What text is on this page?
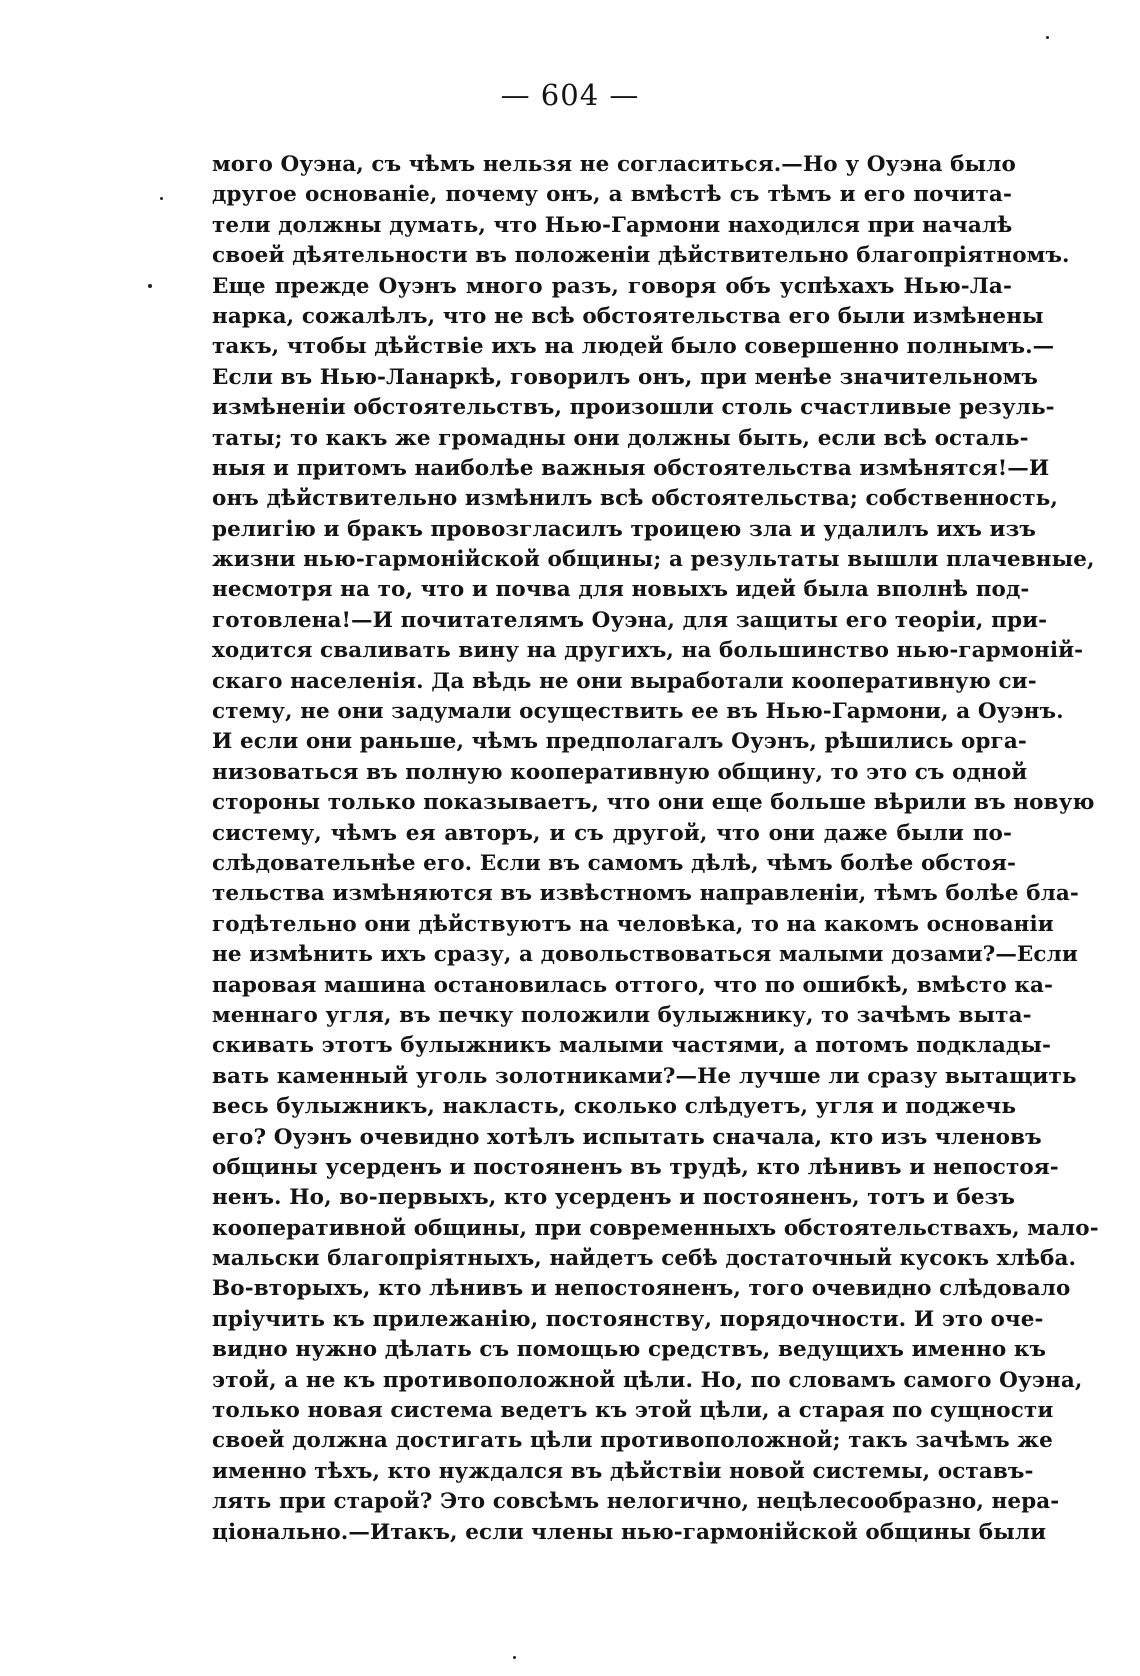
— 604 —
мого Оуэна, съ чѣмъ нельзя не согласиться.—Но у Оуэна было
другое основаніе, почему онъ, а вмѣстѣ съ тѣмъ и его почита-
тели должны думать, что Нью-Гармони находился при началѣ
своей дѣятельности въ положеніи дѣйствительно благопріятномъ.
Еще прежде Оуэнъ много разъ, говоря объ успѣхахъ Нью-Ла-
нарка, сожалѣлъ, что не всѣ обстоятельства его были измѣнены
такъ, чтобы дѣйствіе ихъ на людей было совершенно полнымъ.—
Если въ Нью-Ланаркѣ, говорилъ онъ, при менѣе значительномъ
измѣненіи обстоятельствъ, произошли столь счастливые резуль-
таты; то какъ же громадны они должны быть, если всѣ осталь-
ныя и притомъ наиболѣе важныя обстоятельства измѣнятся!—И
онъ дѣйствительно измѣнилъ всѣ обстоятельства; собственность,
религію и бракъ провозгласилъ троицею зла и удалилъ ихъ изъ
жизни нью-гармонійской общины; а результаты вышли плачевные,
несмотря на то, что и почва для новыхъ идей была вполнѣ под-
готовлена!—И почитателямъ Оуэна, для защиты его теоріи, при-
ходится сваливать вину на другихъ, на большинство нью-гармоній-
скаго населенія. Да вѣдь не они выработали кооперативную си-
стему, не они задумали осуществить ее въ Нью-Гармони, а Оуэнъ.
И если они раньше, чѣмъ предполагалъ Оуэнъ, рѣшились орга-
низоваться въ полную кооперативную общину, то это съ одной
стороны только показываетъ, что они еще больше вѣрили въ новую
систему, чѣмъ ея авторъ, и съ другой, что они даже были по-
слѣдовательнѣе его. Если въ самомъ дѣлѣ, чѣмъ болѣе обстоя-
тельства измѣняются въ извѣстномъ направленіи, тѣмъ болѣе бла-
годѣтельно они дѣйствуютъ на человѣка, то на какомъ основаніи
не измѣнить ихъ сразу, а довольствоваться малыми дозами?—Если
паровая машина остановилась оттого, что по ошибкѣ, вмѣсто ка-
меннаго угля, въ печку положили булыжнику, то зачѣмъ выта-
скивать этотъ булыжникъ малыми частями, а потомъ подклады-
вать каменный уголь золотниками?—Не лучше ли сразу вытащить
весь булыжникъ, накласть, сколько слѣдуетъ, угля и поджечь
его? Оуэнъ очевидно хотѣлъ испытать сначала, кто изъ членовъ
общины усерденъ и постояненъ въ трудѣ, кто лѣнивъ и непостоя-
ненъ. Но, во-первыхъ, кто усерденъ и постояненъ, тотъ и безъ
кооперативной общины, при современныхъ обстоятельствахъ, мало-
мальски благопріятныхъ, найдетъ себѣ достаточный кусокъ хлѣба.
Во-вторыхъ, кто лѣнивъ и непостояненъ, того очевидно слѣдовало
пріучить къ прилежанію, постоянству, порядочности. И это оче-
видно нужно дѣлать съ помощью средствъ, ведущихъ именно къ
этой, а не къ противоположной цѣли. Но, по словамъ самого Оуэна,
только новая система ведетъ къ этой цѣли, а старая по сущности
своей должна достигать цѣли противоположной; такъ зачѣмъ же
именно тѣхъ, кто нуждался въ дѣйствіи новой системы, оставъ-
лять при старой? Это совсѣмъ нелогично, нецѣлесообразно, нера-
ціонально.—Итакъ, если члены нью-гармонійской общины были
